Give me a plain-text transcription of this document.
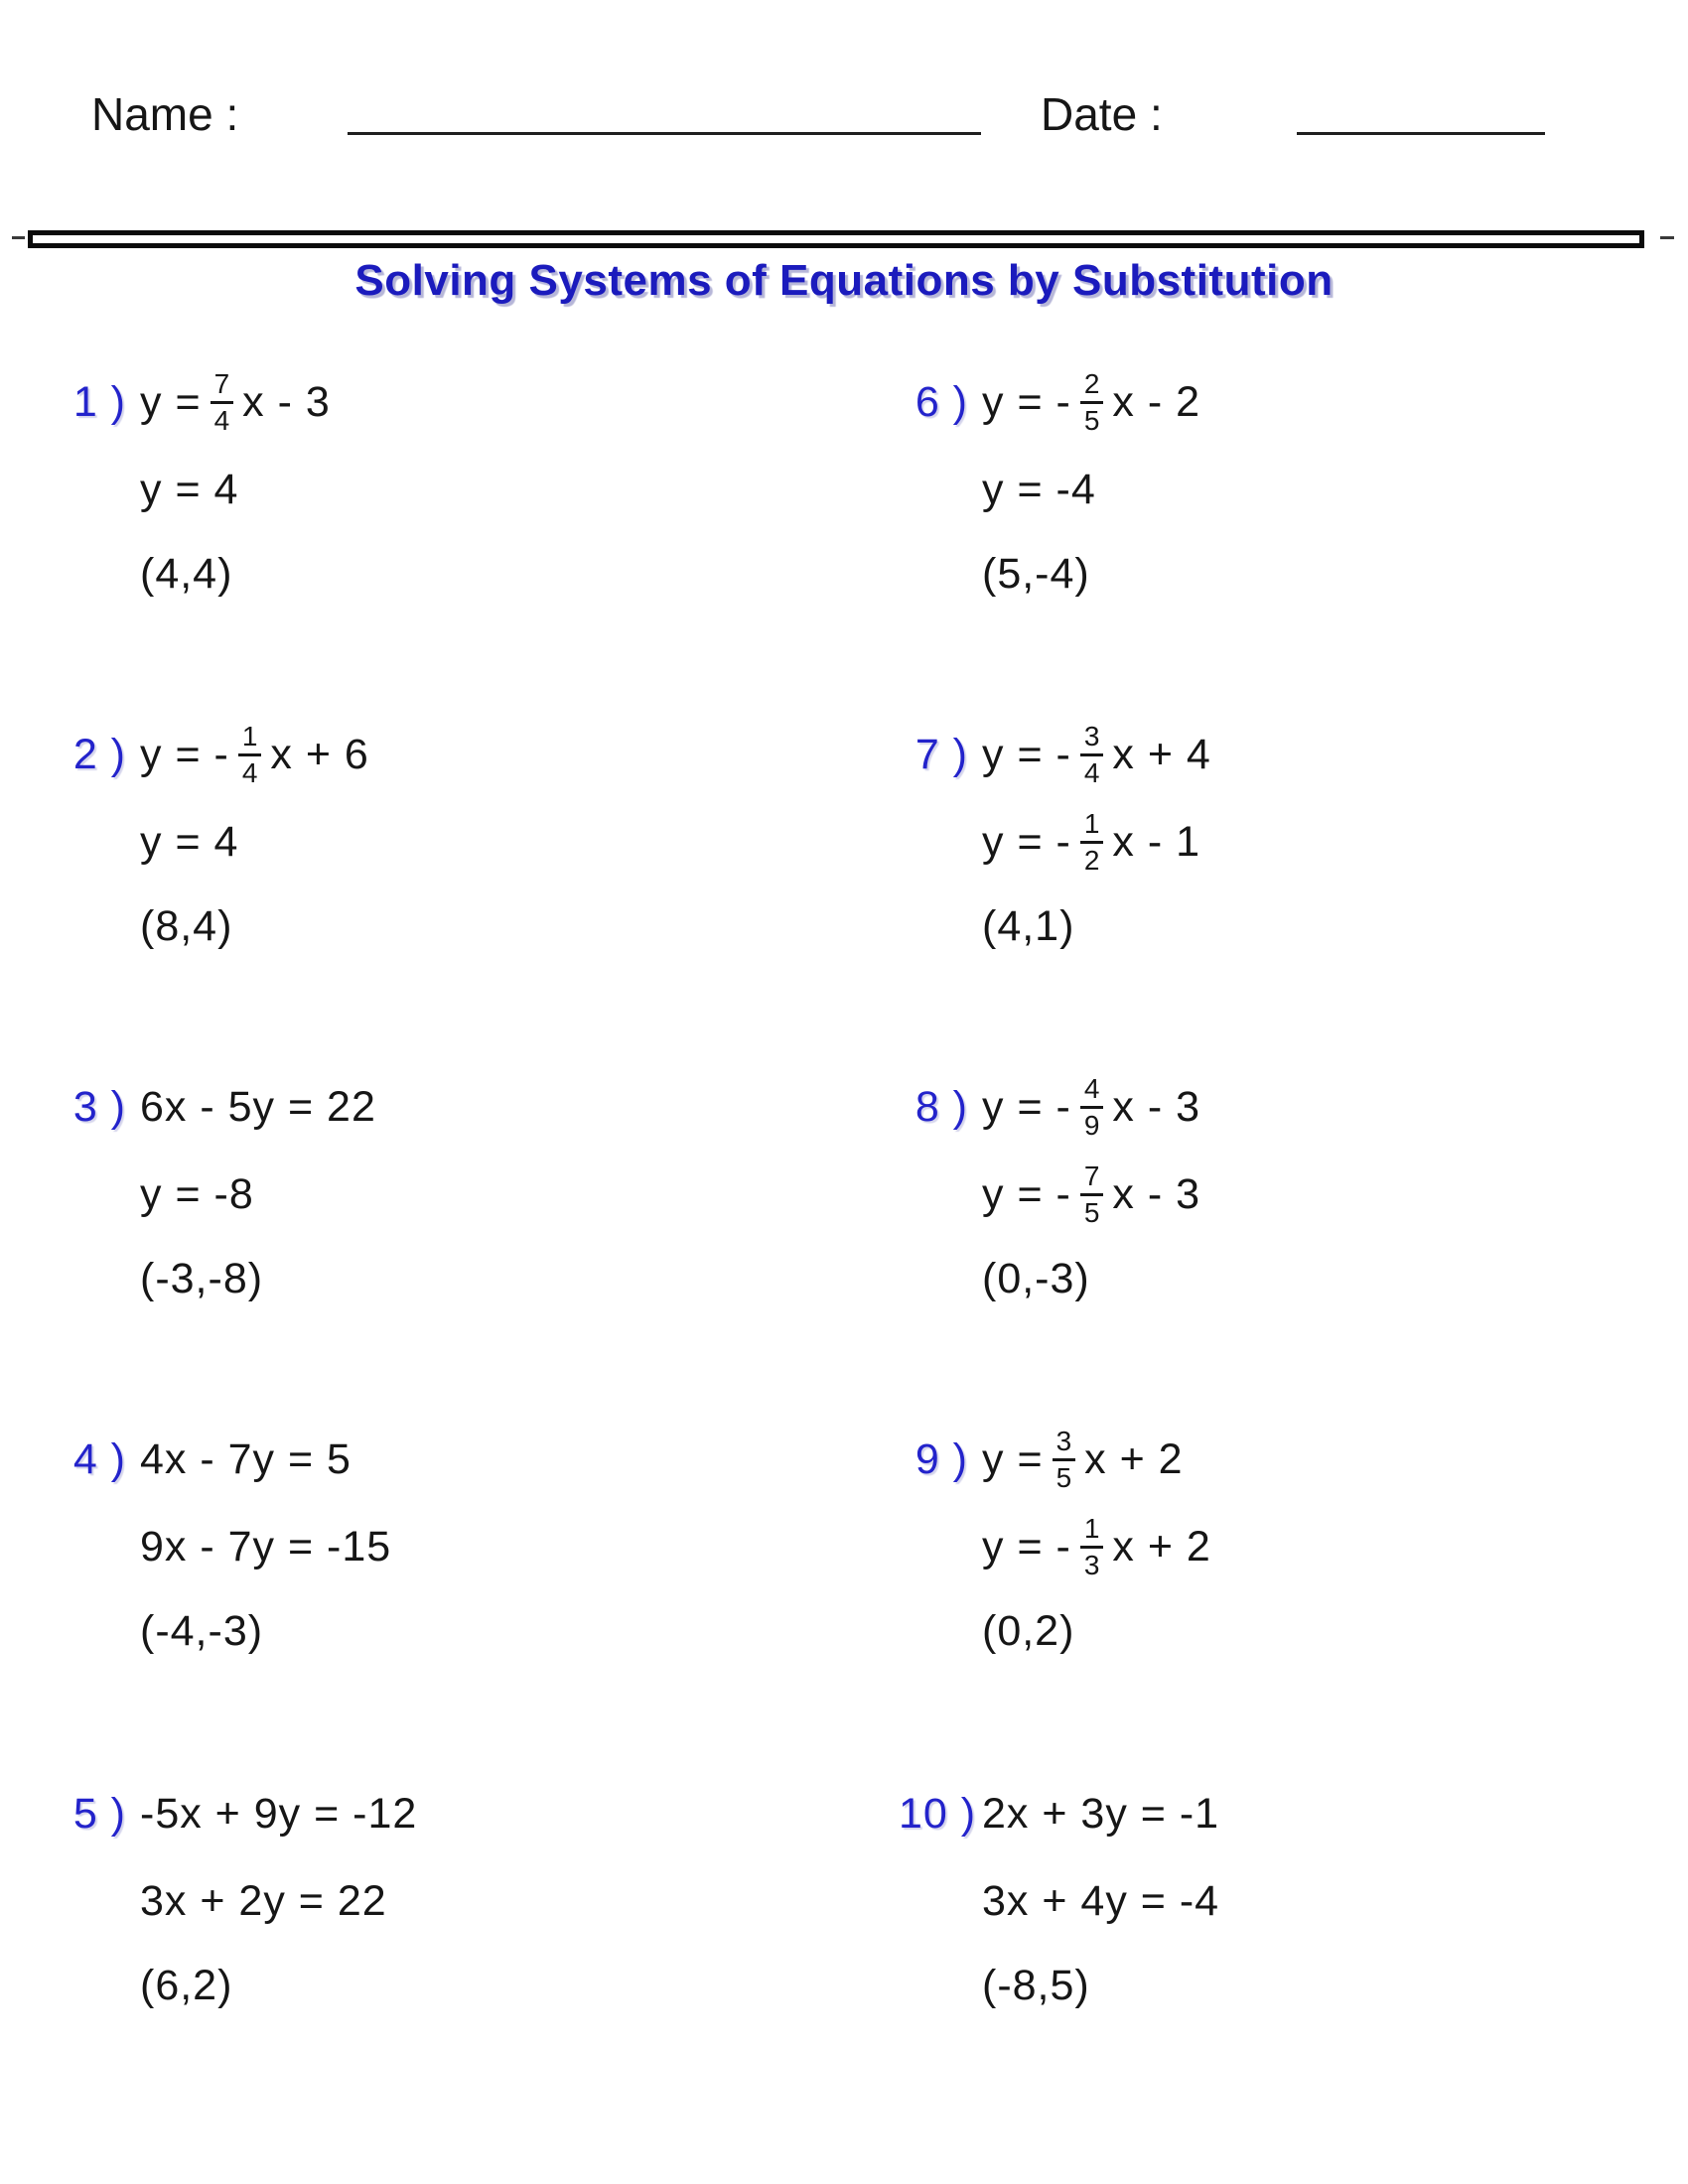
Name :	Date :
Solving Systems of Equations by Substitution
1 ) $y = \frac{7}{4}$ x - 3
y = 4
(4,4)
2 ) y = - $\frac{1}{4}$ x + 6
y = 4
(8,4)
3 ) 6x - 5y = 22
y = -8
(-3,-8)
4 ) 4x - 7y = 5
9x - 7y = -15
(-4,-3)
5 ) -5x + 9y = -12
3x + 2y = 22
(6,2)
6 ) y = - $\frac{2}{5}$ x - 2
y = -4
(5,-4)
7 ) y = - $\frac{3}{4}$ x + 4
y = - $\frac{1}{2}$ x - 1
(4,1)
8 ) y = - $\frac{4}{9}$ x - 3
y = - $\frac{7}{5}$ x - 3
(0,-3)
9 ) $y = \frac{3}{5}$ x + 2
y = - $\frac{1}{3}$ x + 2
(0,2)
10 ) 2x + 3y = -1
3x + 4y = -4
(-8,5)
